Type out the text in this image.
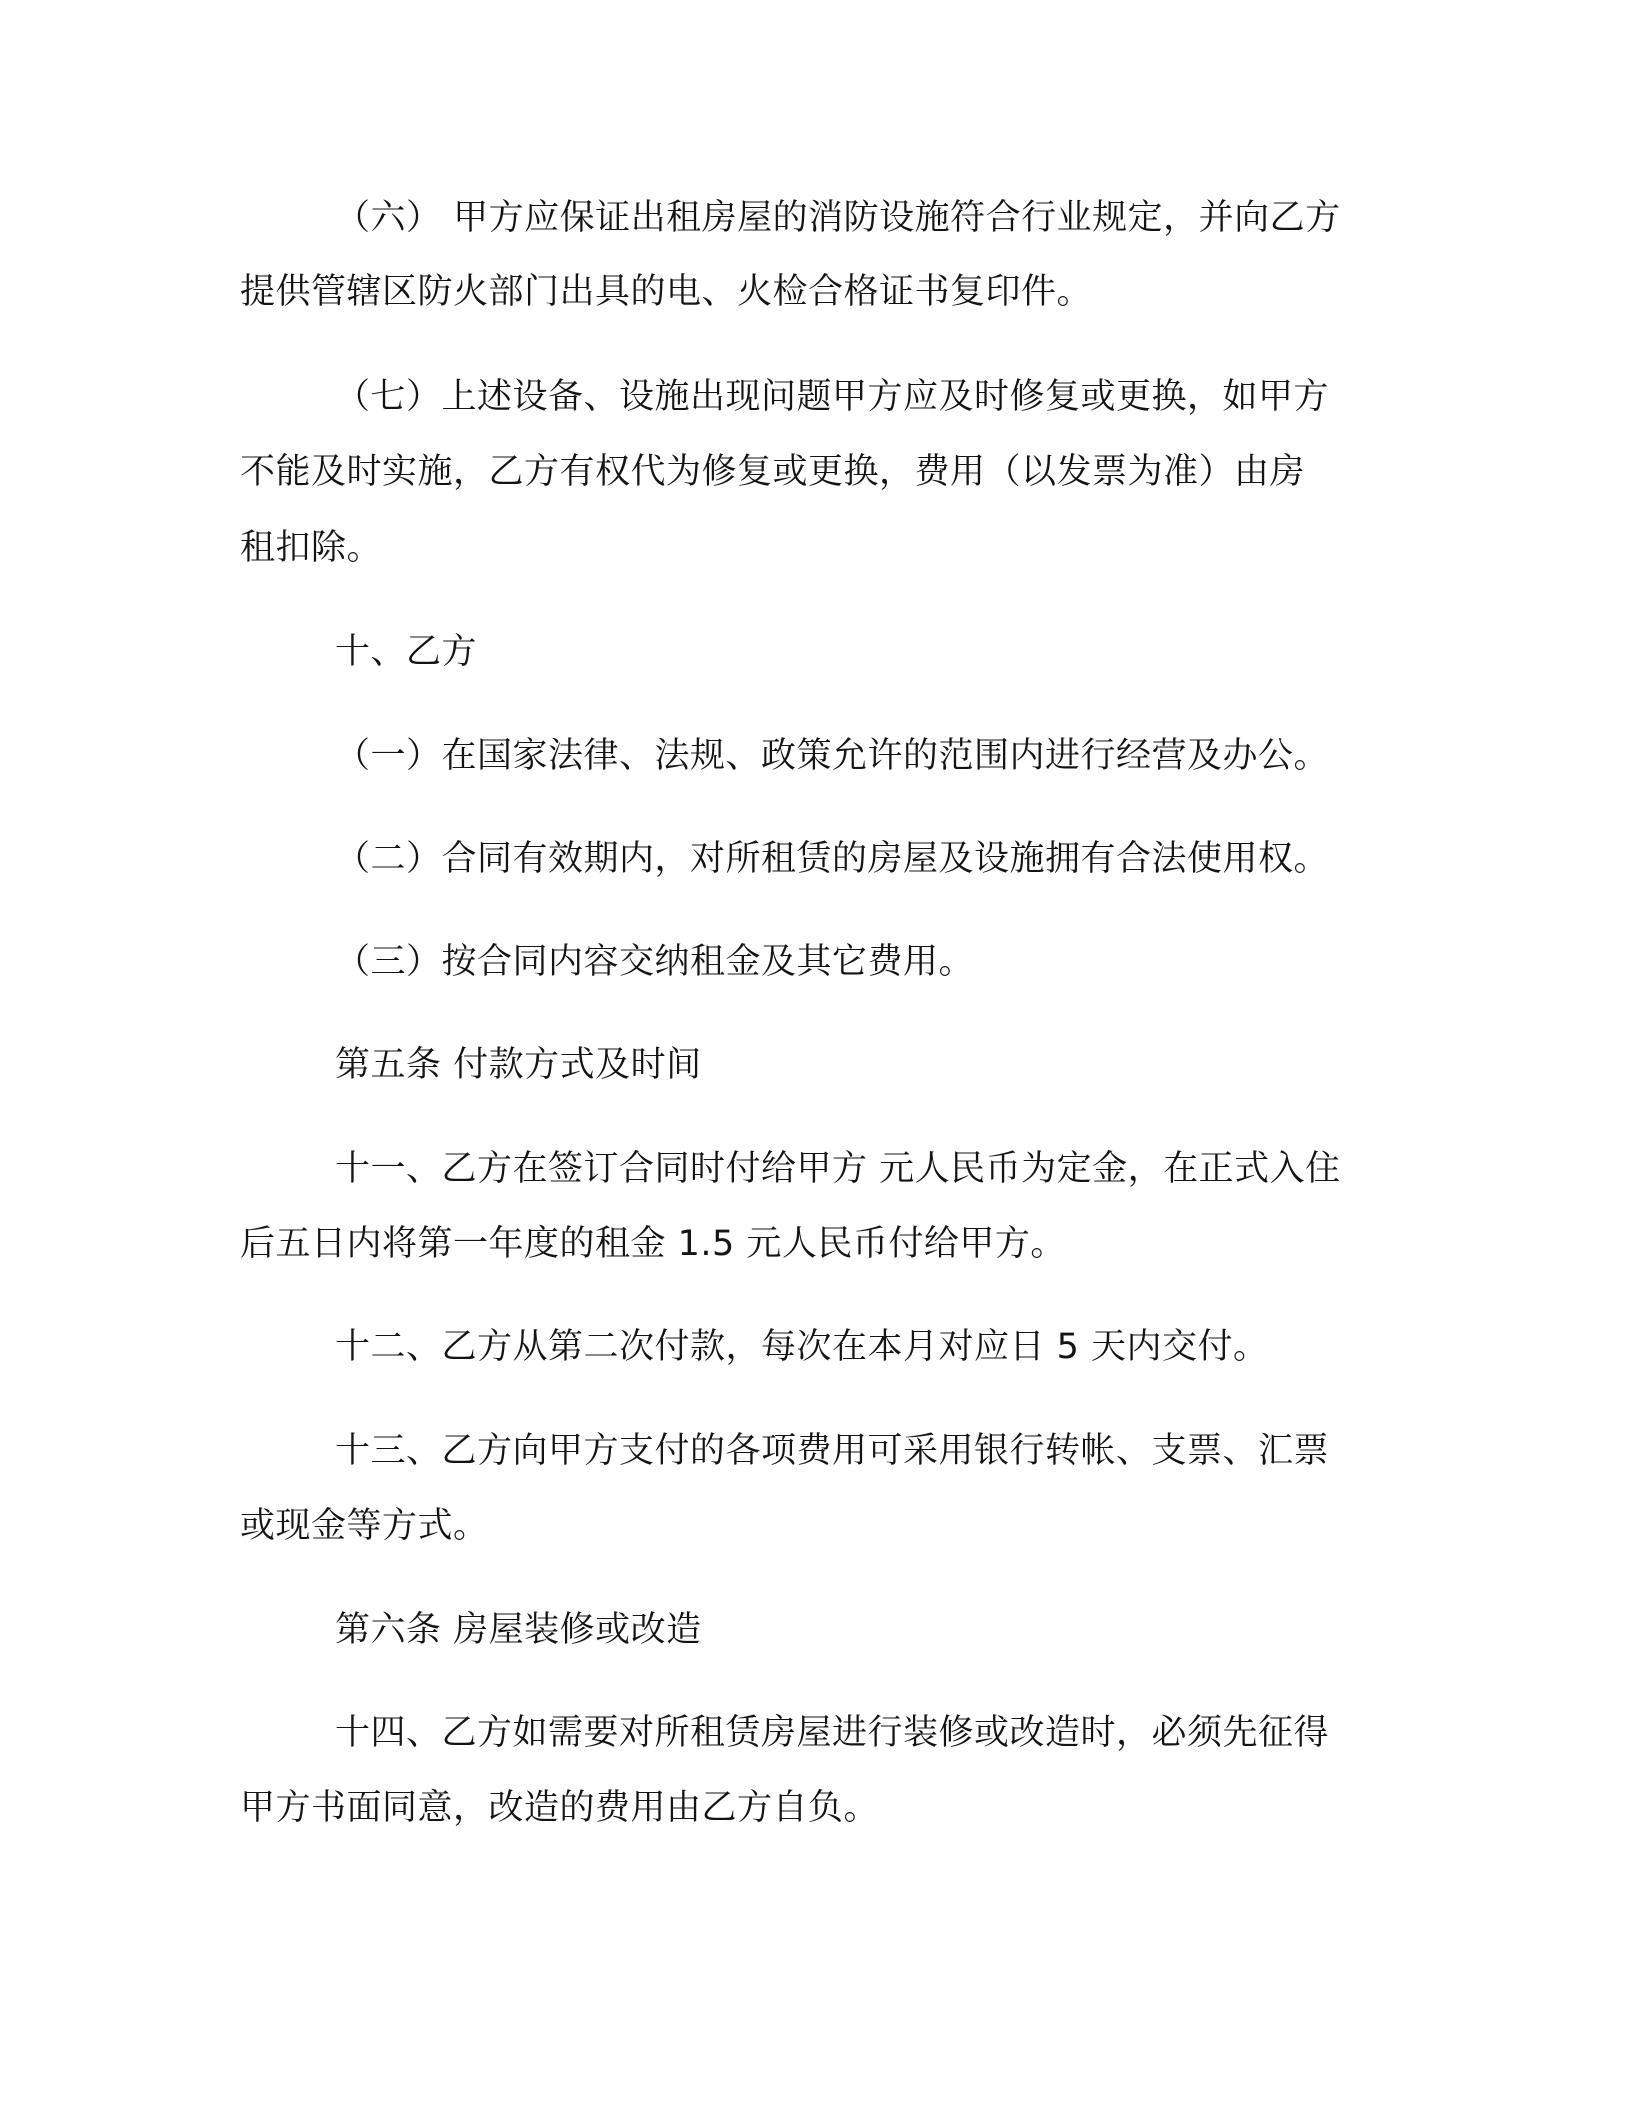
（六） 甲方应保证出租房屋的消防设施符合行业规定，并向乙方
提供管辖区防火部门出具的电、火检合格证书复印件。
（七）上述设备、设施出现问题甲方应及时修复或更换，如甲方
不能及时实施，乙方有权代为修复或更换，费用（以发票为准）由房
租扣除。
十、乙方
（一）在国家法律、法规、政策允许的范围内进行经营及办公。
（二）合同有效期内，对所租赁的房屋及设施拥有合法使用权。
（三）按合同内容交纳租金及其它费用。
第五条 付款方式及时间
十一、乙方在签订合同时付给甲方 元人民币为定金，在正式入住
后五日内将第一年度的租金 1.5 元人民币付给甲方。
十二、乙方从第二次付款，每次在本月对应日 5 天内交付。
十三、乙方向甲方支付的各项费用可采用银行转帐、支票、汇票
或现金等方式。
第六条 房屋装修或改造
十四、乙方如需要对所租赁房屋进行装修或改造时，必须先征得
甲方书面同意，改造的费用由乙方自负。
